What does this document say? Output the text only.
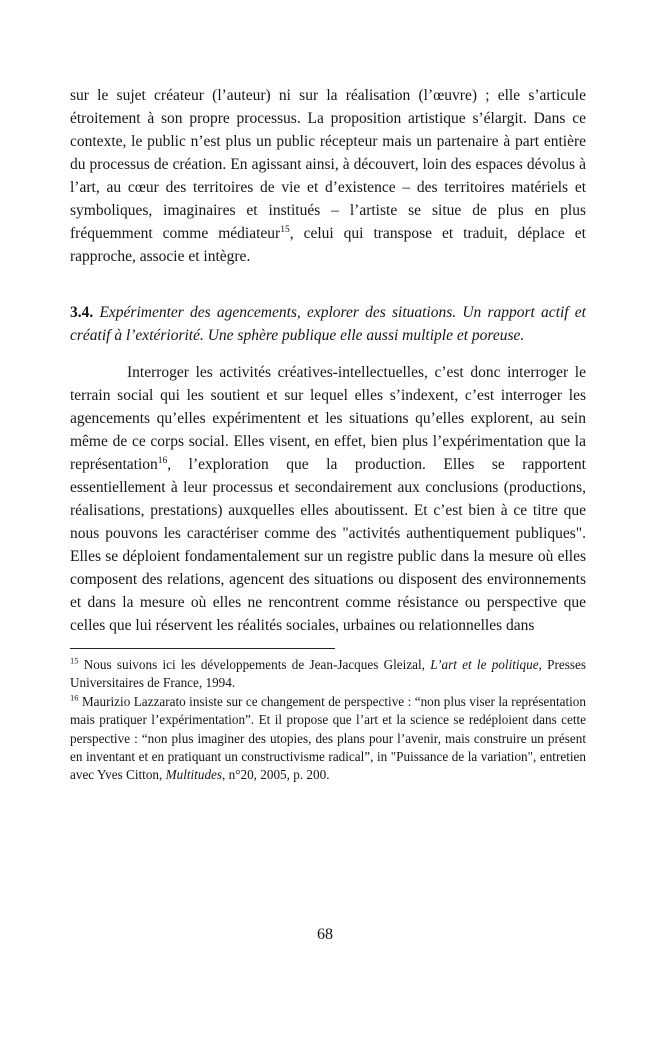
sur le sujet créateur (l’auteur) ni sur la réalisation (l’œuvre) ; elle s’articule étroitement à son propre processus. La proposition artistique s’élargit. Dans ce contexte, le public n’est plus un public récepteur mais un partenaire à part entière du processus de création. En agissant ainsi, à découvert, loin des espaces dévolus à l’art, au cœur des territoires de vie et d’existence – des territoires matériels et symboliques, imaginaires et institués – l’artiste se situe de plus en plus fréquemment comme médiateur$^{15}$, celui qui transpose et traduit, déplace et rapproche, associe et intègre.

3.4. Expérimenter des agencements, explorer des situations. Un rapport actif et créatif à l’extériorité. Une sphère publique elle aussi multiple et poreuse.

Interroger les activités créatives-intellectuelles, c’est donc interroger le terrain social qui les soutient et sur lequel elles s’indexent, c’est interroger les agencements qu’elles expérimentent et les situations qu’elles explorent, au sein même de ce corps social. Elles visent, en effet, bien plus l’expérimentation que la représentation$^{16}$, l’exploration que la production. Elles se rapportent essentiellement à leur processus et secondairement aux conclusions (productions, réalisations, prestations) auxquelles elles aboutissent. Et c’est bien à ce titre que nous pouvons les caractériser comme des "activités authentiquement publiques". Elles se déploient fondamentalement sur un registre public dans la mesure où elles composent des relations, agencent des situations ou disposent des environnements et dans la mesure où elles ne rencontrent comme résistance ou perspective que celles que lui réservent les réalités sociales, urbaines ou relationnelles dans

$^{15}$ Nous suivons ici les développements de Jean-Jacques Gleizal, L’art et le politique, Presses Universitaires de France, 1994.

$^{16}$ Maurizio Lazzarato insiste sur ce changement de perspective : “non plus viser la représentation mais pratiquer l’expérimentation”. Et il propose que l’art et la science se redéploient dans cette perspective : “non plus imaginer des utopies, des plans pour l’avenir, mais construire un présent en inventant et en pratiquant un constructivisme radical”, in "Puissance de la variation", entretien avec Yves Citton, Multitudes, n°20, 2005, p. 200.

68
